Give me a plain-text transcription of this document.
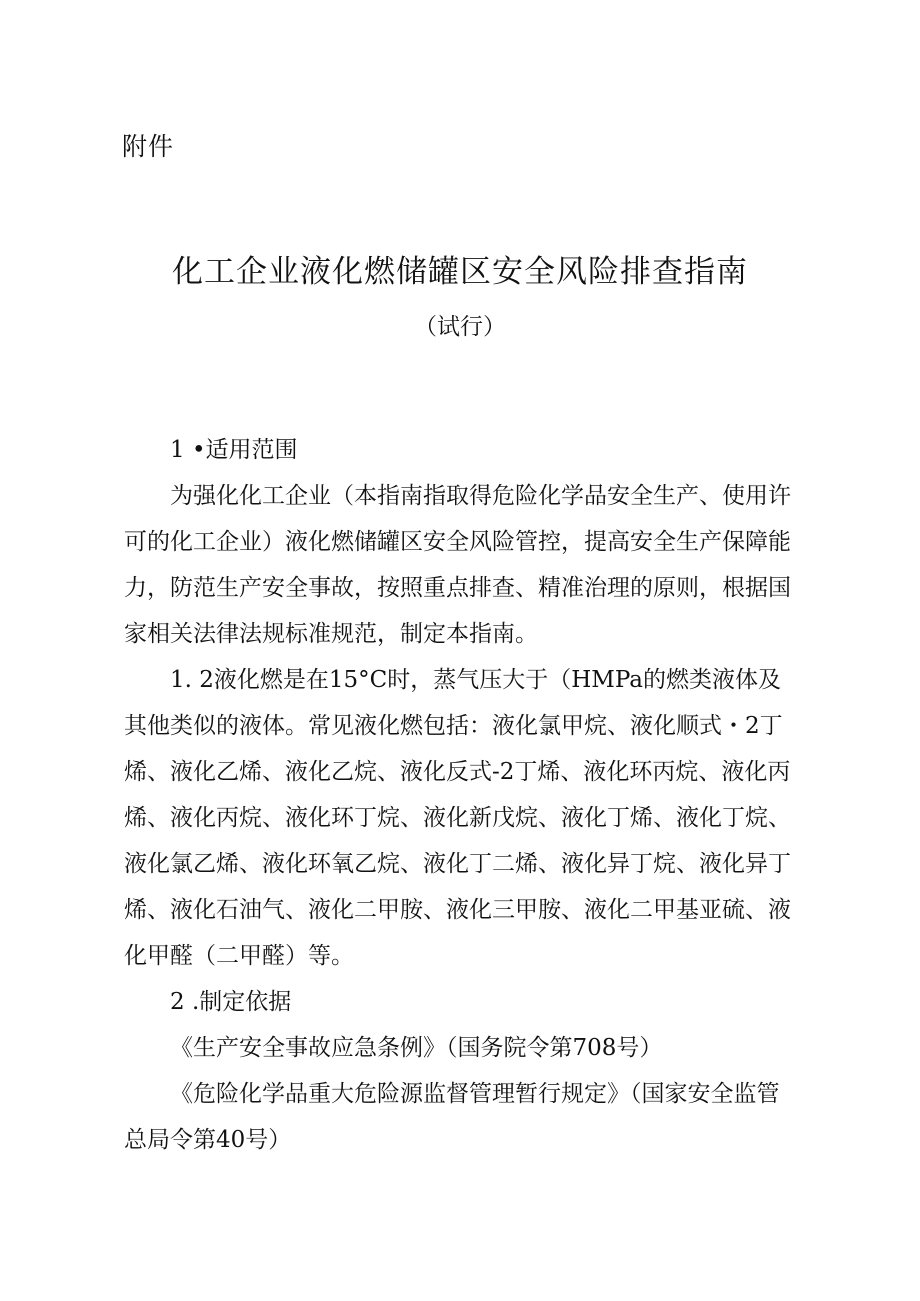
附件
化工企业液化燃储罐区安全风险排查指南
（试行）

1 •适用范围

为强化化工企业（本指南指取得危险化学品安全生产、使用许可的化工企业）液化燃储罐区安全风险管控，提高安全生产保障能力，防范生产安全事故，按照重点排查、精准治理的原则，根据国家相关法律法规标准规范，制定本指南。

1. 2液化燃是在15°C时，蒸气压大于（HMPa的燃类液体及其他类似的液体。常见液化燃包括：液化氯甲烷、液化顺式・2丁烯、液化乙烯、液化乙烷、液化反式-2丁烯、液化环丙烷、液化丙烯、液化丙烷、液化环丁烷、液化新戊烷、液化丁烯、液化丁烷、液化氯乙烯、液化环氧乙烷、液化丁二烯、液化异丁烷、液化异丁烯、液化石油气、液化二甲胺、液化三甲胺、液化二甲基亚硫、液化甲醛（二甲醛）等。

2 .制定依据

《生产安全事故应急条例》（国务院令第708号）

《危险化学品重大危险源监督管理暂行规定》（国家安全监管总局令第40号）
